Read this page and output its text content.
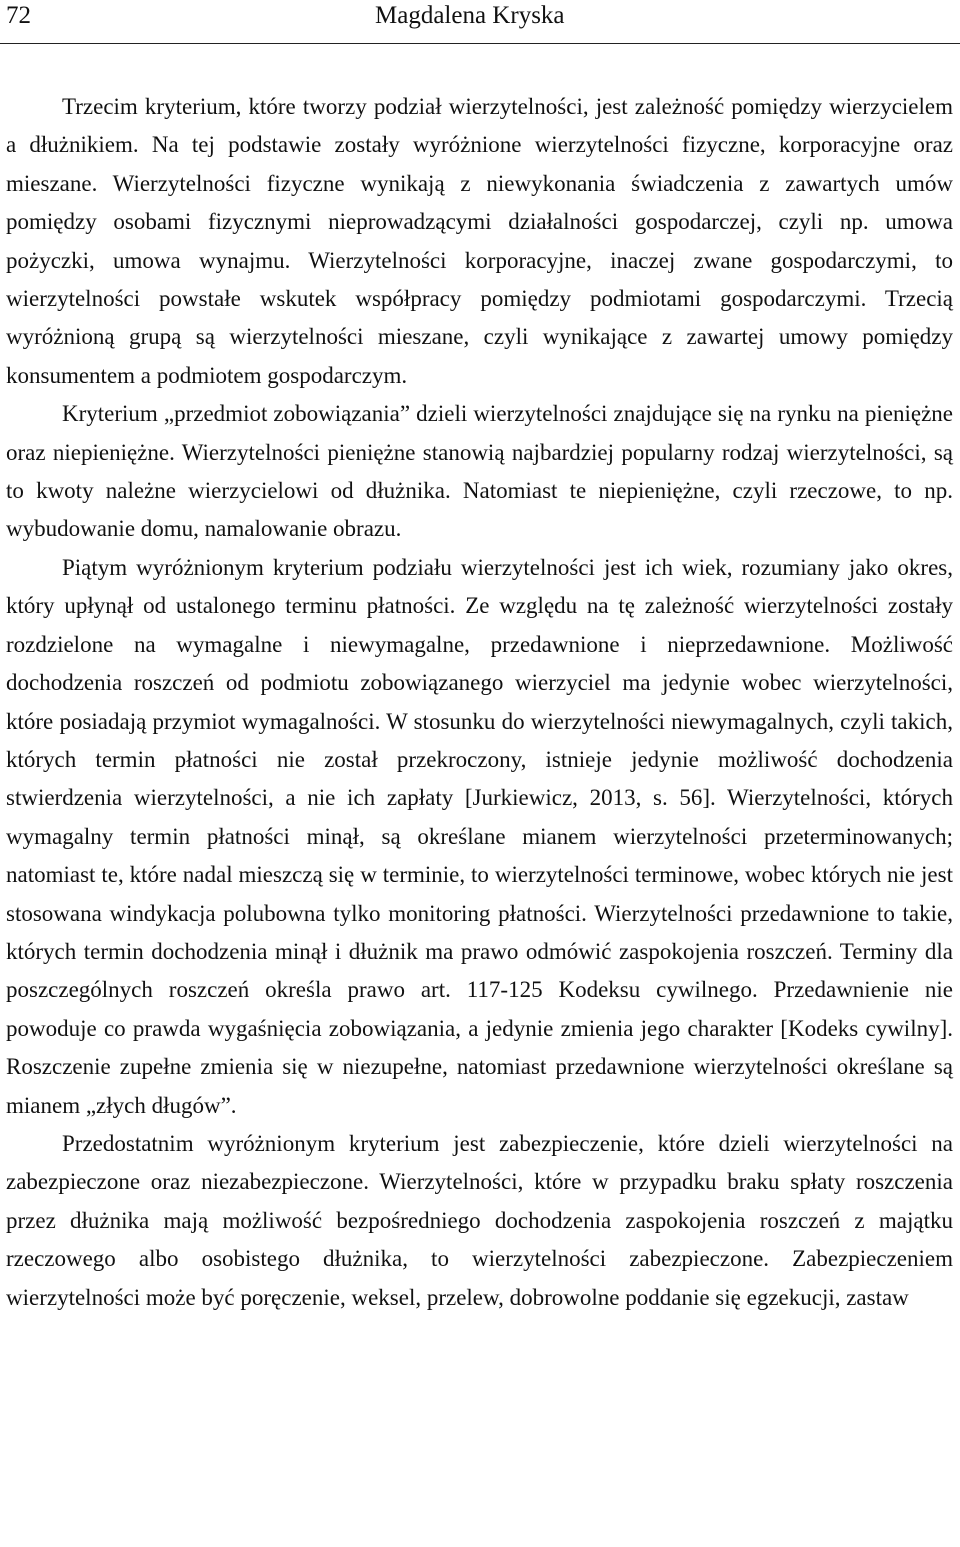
72	Magdalena Kryska

Trzecim kryterium, które tworzy podział wierzytelności, jest zależność pomiędzy wierzycielem a dłużnikiem. Na tej podstawie zostały wyróżnione wierzytelności fizyczne, korporacyjne oraz mieszane. Wierzytelności fizyczne wynikają z niewykonania świadczenia z zawartych umów pomiędzy osobami fizycznymi nieprowadzącymi działalności gospodarczej, czyli np. umowa pożyczki, umowa wynajmu. Wierzytelności korporacyjne, inaczej zwane gospodarczymi, to wierzytelności powstałe wskutek współpracy pomiędzy podmiotami gospodarczymi. Trzecią wyróżnioną grupą są wierzytelności mieszane, czyli wynikające z zawartej umowy pomiędzy konsumentem a podmiotem gospodarczym.

Kryterium „przedmiot zobowiązania” dzieli wierzytelności znajdujące się na rynku na pieniężne oraz niepieniężne. Wierzytelności pieniężne stanowią najbardziej popularny rodzaj wierzytelności, są to kwoty należne wierzycielowi od dłużnika. Natomiast te niepieniężne, czyli rzeczowe, to np. wybudowanie domu, namalowanie obrazu.

Piątym wyróżnionym kryterium podziału wierzytelności jest ich wiek, rozumiany jako okres, który upłynął od ustalonego terminu płatności. Ze względu na tę zależność wierzytelności zostały rozdzielone na wymagalne i niewymagalne, przedawnione i nieprzedawnione. Możliwość dochodzenia roszczeń od podmiotu zobowiązanego wierzyciel ma jedynie wobec wierzytelności, które posiadają przymiot wymagalności. W stosunku do wierzytelności niewymagalnych, czyli takich, których termin płatności nie został przekroczony, istnieje jedynie możliwość dochodzenia stwierdzenia wierzytelności, a nie ich zapłaty [Jurkiewicz, 2013, s. 56]. Wierzytelności, których wymagalny termin płatności minął, są określane mianem wierzytelności przeterminowanych; natomiast te, które nadal mieszczą się w terminie, to wierzytelności terminowe, wobec których nie jest stosowana windykacja polubowna tylko monitoring płatności. Wierzytelności przedawnione to takie, których termin dochodzenia minął i dłużnik ma prawo odmówić zaspokojenia roszczeń. Terminy dla poszczególnych roszczeń określa prawo art. 117-125 Kodeksu cywilnego. Przedawnienie nie powoduje co prawda wygaśnięcia zobowiązania, a jedynie zmienia jego charakter [Kodeks cywilny]. Roszczenie zupełne zmienia się w niezupełne, natomiast przedawnione wierzytelności określane są mianem „złych długów”.

Przedostatnim wyróżnionym kryterium jest zabezpieczenie, które dzieli wierzytelności na zabezpieczone oraz niezabezpieczone. Wierzytelności, które w przypadku braku spłaty roszczenia przez dłużnika mają możliwość bezpośredniego dochodzenia zaspokojenia roszczeń z majątku rzeczowego albo osobistego dłużnika, to wierzytelności zabezpieczone. Zabezpieczeniem wierzytelności może być poręczenie, weksel, przelew, dobrowolne poddanie się egzekucji, zastaw
